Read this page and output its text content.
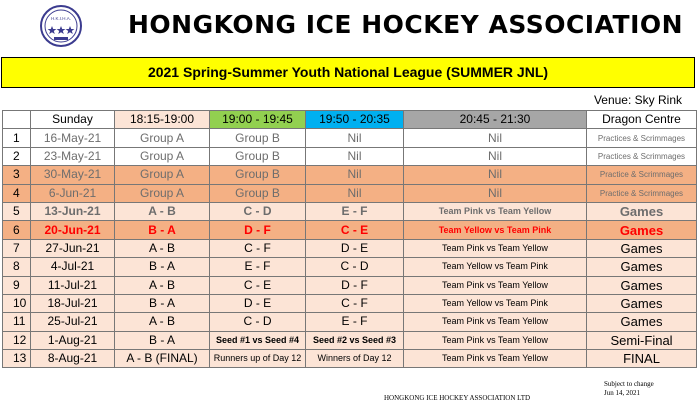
H.K.I.H.A. HONGKONG ICE HOCKEY ASSOCIATION
2021 Spring-Summer Youth National League (SUMMER JNL)
Venue: Sky Rink
	Sunday	18:15-19:00	19:00 - 19:45	19:50 - 20:35	20:45 - 21:30	Dragon Centre
1	16-May-21	Group A	Group B	Nil	Nil	Practices & Scrimmages
2	23-May-21	Group A	Group B	Nil	Nil	Practices & Scrimmages
3	30-May-21	Group A	Group B	Nil	Nil	Practice & Scrimmages
4	6-Jun-21	Group A	Group B	Nil	Nil	Practice & Scrimmages
5	13-Jun-21	A - B	C - D	E - F	Team Pink vs Team Yellow	Games
6	20-Jun-21	B - A	D - F	C - E	Team Yellow vs Team Pink	Games
7	27-Jun-21	A - B	C - F	D - E	Team Pink vs Team Yellow	Games
8	4-Jul-21	B - A	E - F	C - D	Team Yellow vs Team Pink	Games
9	11-Jul-21	A - B	C - E	D - F	Team Pink vs Team Yellow	Games
10	18-Jul-21	B - A	D - E	C - F	Team Yellow vs Team Pink	Games
11	25-Jul-21	A - B	C - D	E - F	Team Pink vs Team Yellow	Games
12	1-Aug-21	B - A	Seed #1 vs Seed #4	Seed #2 vs Seed #3	Team Pink vs Team Yellow	Semi-Final
13	8-Aug-21	A - B (FINAL)	Runners up of Day 12	Winners of Day 12	Team Pink vs Team Yellow	FINAL
HONGKONG ICE HOCKEY ASSOCIATION LTD
Subject to change
Jun 14, 2021
